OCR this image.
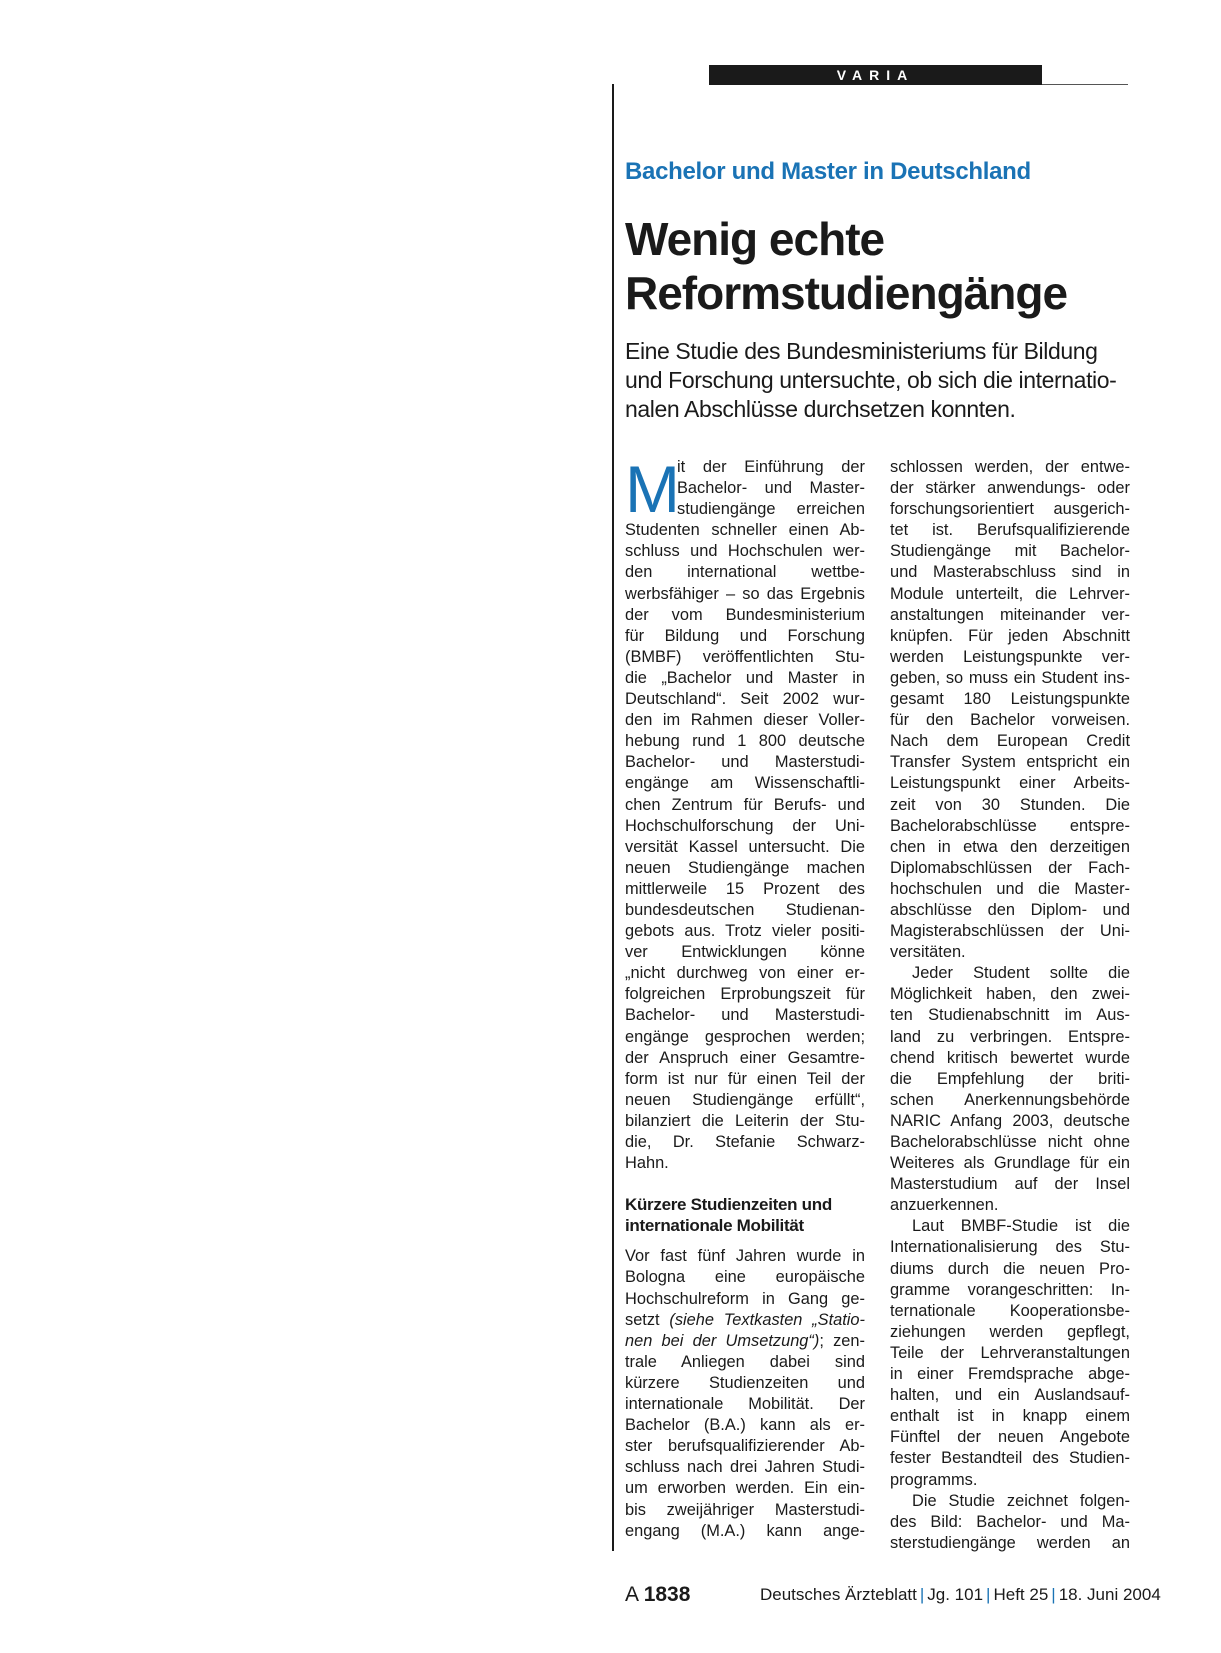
VARIA
Bachelor und Master in Deutschland
Wenig echte
Reformstudiengänge
Eine Studie des Bundesministeriums für Bildung
und Forschung untersuchte, ob sich die internatio-
nalen Abschlüsse durchsetzen konnten.
M
it der Einführung der
Bachelor- und Master-
studiengänge erreichen
Studenten schneller einen Ab-
schluss und Hochschulen wer-
den international wettbe-
werbsfähiger – so das Ergebnis
der vom Bundesministerium
für Bildung und Forschung
(BMBF) veröffentlichten Stu-
die „Bachelor und Master in
Deutschland“. Seit 2002 wur-
den im Rahmen dieser Voller-
hebung rund 1 800 deutsche
Bachelor- und Masterstudi-
engänge am Wissenschaftli-
chen Zentrum für Berufs- und
Hochschulforschung der Uni-
versität Kassel untersucht. Die
neuen Studiengänge machen
mittlerweile 15 Prozent des
bundesdeutschen Studienan-
gebots aus. Trotz vieler positi-
ver Entwicklungen könne
„nicht durchweg von einer er-
folgreichen Erprobungszeit für
Bachelor- und Masterstudi-
engänge gesprochen werden;
der Anspruch einer Gesamtre-
form ist nur für einen Teil der
neuen Studiengänge erfüllt“,
bilanziert die Leiterin der Stu-
die, Dr. Stefanie Schwarz-
Hahn.
Kürzere Studienzeiten und
internationale Mobilität
Vor fast fünf Jahren wurde in
Bologna eine europäische
Hochschulreform in Gang ge-
setzt (siehe Textkasten „Statio-
nen bei der Umsetzung“); zen-
trale Anliegen dabei sind
kürzere Studienzeiten und
internationale Mobilität. Der
Bachelor (B.A.) kann als er-
ster berufsqualifizierender Ab-
schluss nach drei Jahren Studi-
um erworben werden. Ein ein-
bis zweijähriger Masterstudi-
engang (M.A.) kann ange-
schlossen werden, der entwe-
der stärker anwendungs- oder
forschungsorientiert ausgerich-
tet ist. Berufsqualifizierende
Studiengänge mit Bachelor-
und Masterabschluss sind in
Module unterteilt, die Lehrver-
anstaltungen miteinander ver-
knüpfen. Für jeden Abschnitt
werden Leistungspunkte ver-
geben, so muss ein Student ins-
gesamt 180 Leistungspunkte
für den Bachelor vorweisen.
Nach dem European Credit
Transfer System entspricht ein
Leistungspunkt einer Arbeits-
zeit von 30 Stunden. Die
Bachelorabschlüsse entspre-
chen in etwa den derzeitigen
Diplomabschlüssen der Fach-
hochschulen und die Master-
abschlüsse den Diplom- und
Magisterabschlüssen der Uni-
versitäten.
Jeder Student sollte die
Möglichkeit haben, den zwei-
ten Studienabschnitt im Aus-
land zu verbringen. Entspre-
chend kritisch bewertet wurde
die Empfehlung der briti-
schen Anerkennungsbehörde
NARIC Anfang 2003, deutsche
Bachelorabschlüsse nicht ohne
Weiteres als Grundlage für ein
Masterstudium auf der Insel
anzuerkennen.
Laut BMBF-Studie ist die
Internationalisierung des Stu-
diums durch die neuen Pro-
gramme vorangeschritten: In-
ternationale Kooperationsbe-
ziehungen werden gepflegt,
Teile der Lehrveranstaltungen
in einer Fremdsprache abge-
halten, und ein Auslandsauf-
enthalt ist in knapp einem
Fünftel der neuen Angebote
fester Bestandteil des Studien-
programms.
Die Studie zeichnet folgen-
des Bild: Bachelor- und Ma-
sterstudiengänge werden an
A 1838	Deutsches Ärzteblatt | Jg. 101 | Heft 25 | 18. Juni 2004
